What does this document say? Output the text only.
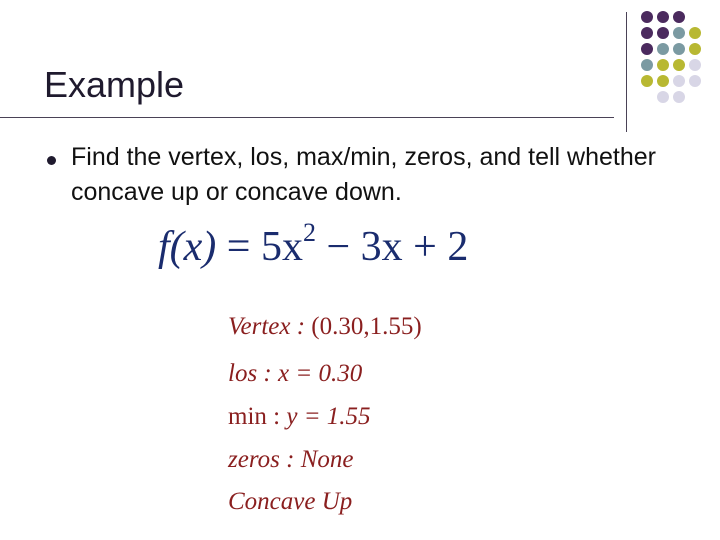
Example
Find the vertex, los, max/min, zeros, and tell whether concave up or concave down.
$f(x) = 5x^2 - 3x + 2$
Vertex : (0.30,1.55)
los : x = 0.30
min : y = 1.55
zeros : None
Concave Up
